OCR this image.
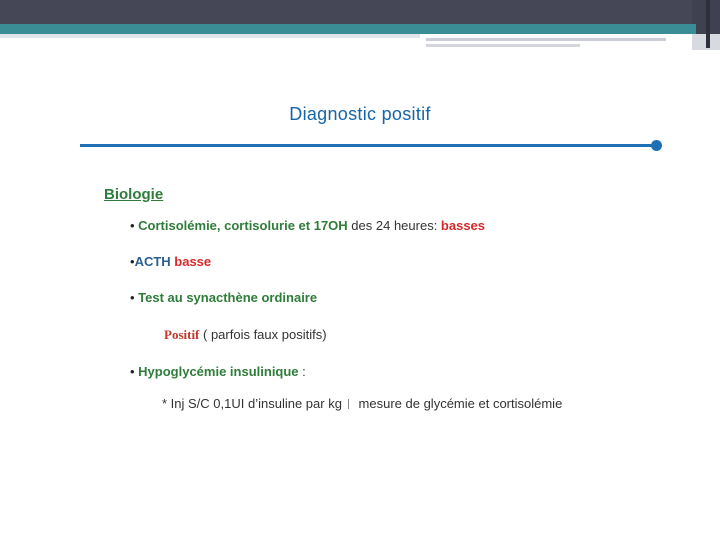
Diagnostic positif
Biologie
• Cortisolémie, cortisolurie et 17OH des 24 heures: basses
•ACTH basse
• Test au synacthène ordinaire
Positif ( parfois faux positifs)
• Hypoglycémie insulinique :
* Inj S/C 0,1UI d’insuline par kg mesure de glycémie et cortisolémie
